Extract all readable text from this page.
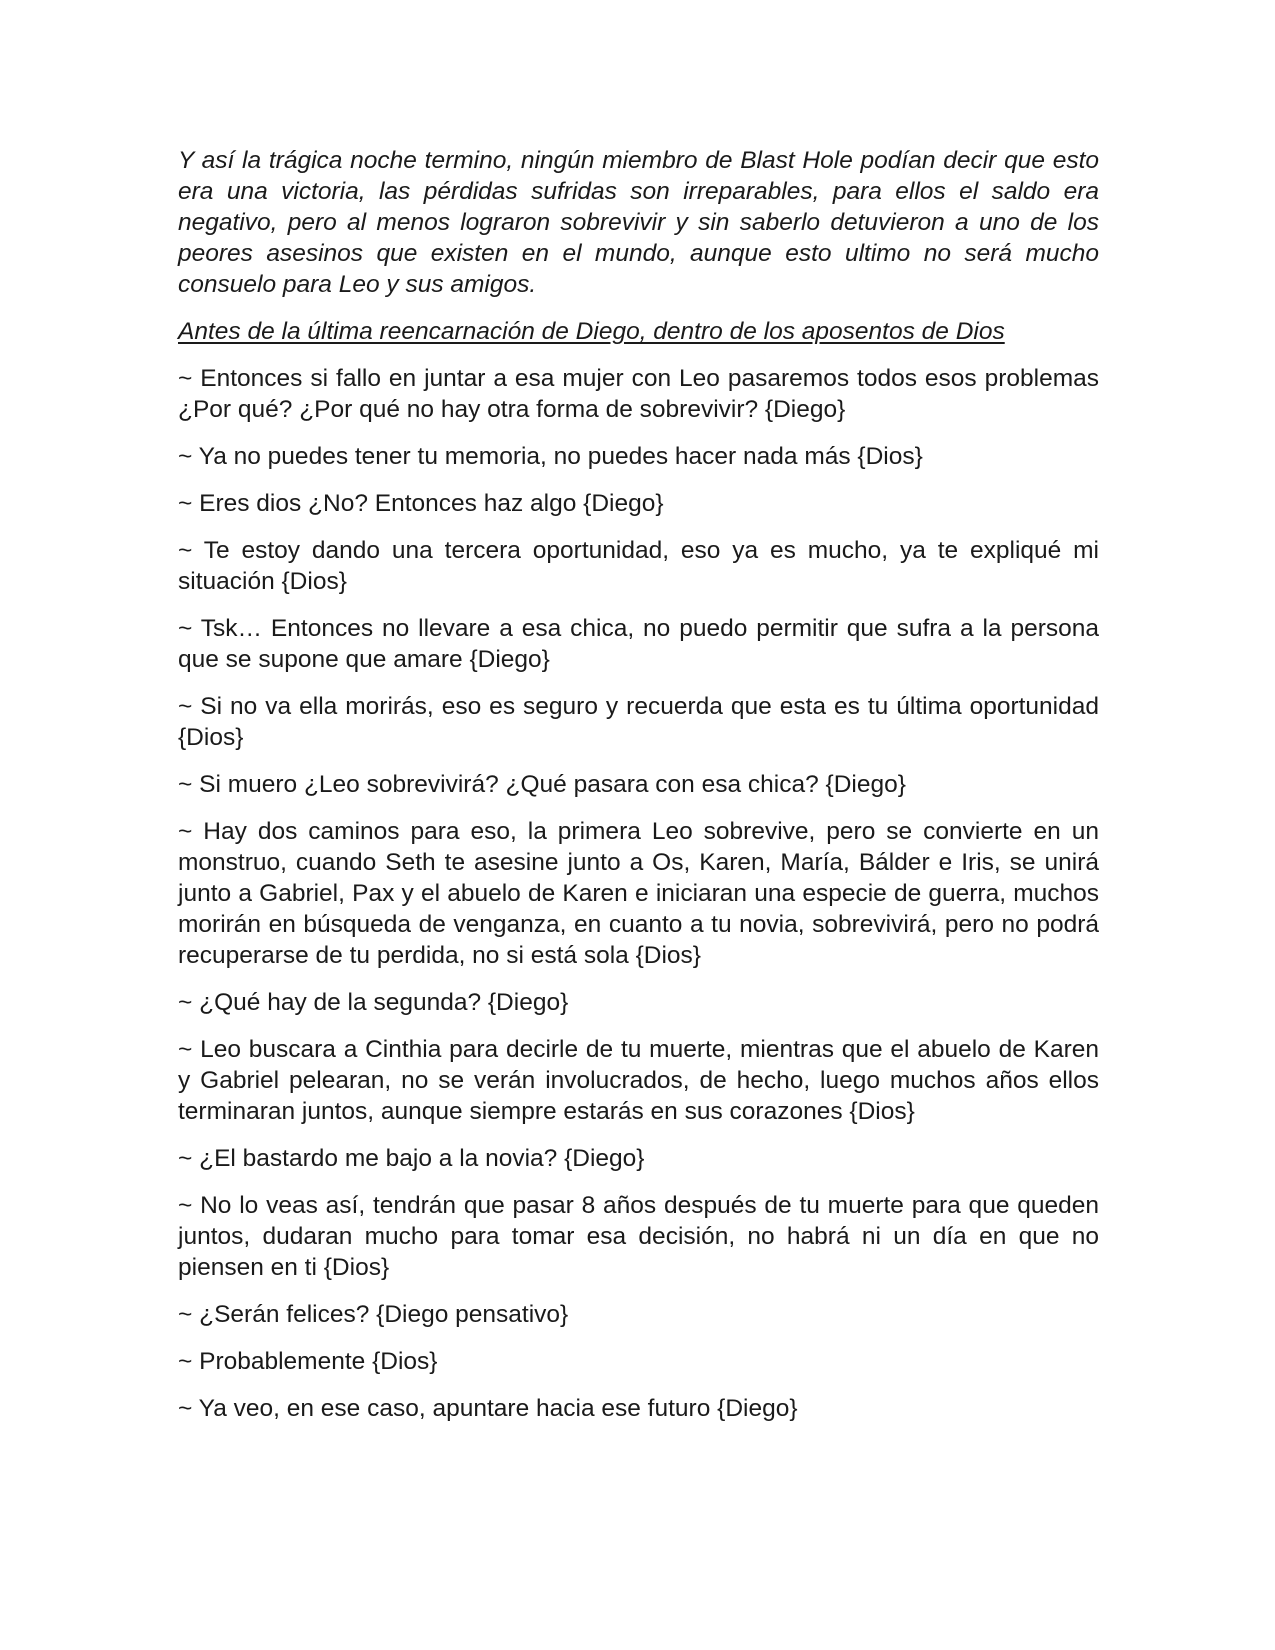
Y así la trágica noche termino, ningún miembro de Blast Hole podían decir que esto era una victoria, las pérdidas sufridas son irreparables, para ellos el saldo era negativo, pero al menos lograron sobrevivir y sin saberlo detuvieron a uno de los peores asesinos que existen en el mundo, aunque esto ultimo no será mucho consuelo para Leo y sus amigos.

Antes de la última reencarnación de Diego, dentro de los aposentos de Dios

~ Entonces si fallo en juntar a esa mujer con Leo pasaremos todos esos problemas ¿Por qué? ¿Por qué no hay otra forma de sobrevivir? {Diego}

~ Ya no puedes tener tu memoria, no puedes hacer nada más {Dios}

~ Eres dios ¿No? Entonces haz algo {Diego}

~ Te estoy dando una tercera oportunidad, eso ya es mucho, ya te expliqué mi situación {Dios}

~ Tsk… Entonces no llevare a esa chica, no puedo permitir que sufra a la persona que se supone que amare {Diego}

~ Si no va ella morirás, eso es seguro y recuerda que esta es tu última oportunidad {Dios}

~ Si muero ¿Leo sobrevivirá? ¿Qué pasara con esa chica? {Diego}

~ Hay dos caminos para eso, la primera Leo sobrevive, pero se convierte en un monstruo, cuando Seth te asesine junto a Os, Karen, María, Bálder e Iris, se unirá junto a Gabriel, Pax y el abuelo de Karen e iniciaran una especie de guerra, muchos morirán en búsqueda de venganza, en cuanto a tu novia, sobrevivirá, pero no podrá recuperarse de tu perdida, no si está sola {Dios}

~ ¿Qué hay de la segunda? {Diego}

~ Leo buscara a Cinthia para decirle de tu muerte, mientras que el abuelo de Karen y Gabriel pelearan, no se verán involucrados, de hecho, luego muchos años ellos terminaran juntos, aunque siempre estarás en sus corazones {Dios}

~ ¿El bastardo me bajo a la novia? {Diego}

~ No lo veas así, tendrán que pasar 8 años después de tu muerte para que queden juntos, dudaran mucho para tomar esa decisión, no habrá ni un día en que no piensen en ti {Dios}

~ ¿Serán felices? {Diego pensativo}

~ Probablemente {Dios}

~ Ya veo, en ese caso, apuntare hacia ese futuro {Diego}
